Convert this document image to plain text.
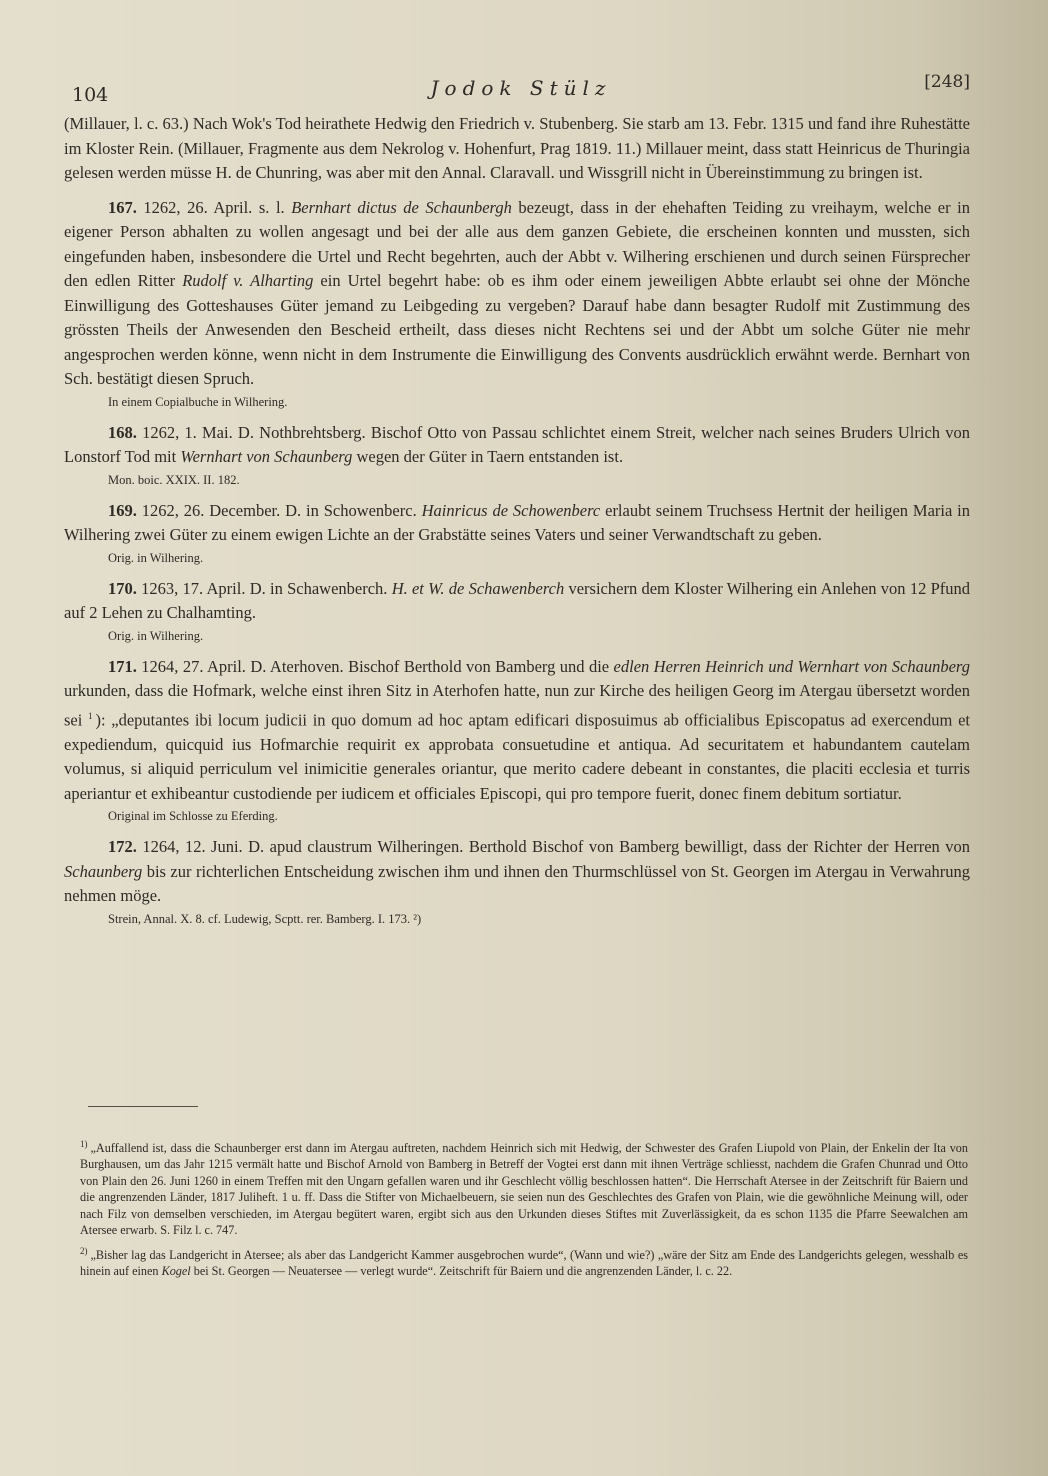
104	Jodok Stülz	[248]

(Millauer, l. c. 63.) Nach Wok's Tod heirathete Hedwig den Friedrich v. Stubenberg. Sie starb am 13. Febr. 1315 und fand ihre Ruhestätte im Kloster Rein. (Millauer, Fragmente aus dem Nekrolog v. Hohenfurt, Prag 1819. 11.) Millauer meint, dass statt Heinricus de Thuringia gelesen werden müsse H. de Chunring, was aber mit den Annal. Claravall. und Wissgrill nicht in Übereinstimmung zu bringen ist.

167. 1262, 26. April. s. l. Bernhart dictus de Schaunbergh bezeugt, dass in der ehehaften Teiding zu vreihaym, welche er in eigener Person abhalten zu wollen angesagt und bei der alle aus dem ganzen Gebiete, die erscheinen konnten und mussten, sich eingefunden haben, insbesondere die Urtel und Recht begehrten, auch der Abbt v. Wilhering erschienen und durch seinen Fürsprecher den edlen Ritter Rudolf v. Alharting ein Urtel begehrt habe: ob es ihm oder einem jeweiligen Abbte erlaubt sei ohne der Mönche Einwilligung des Gotteshauses Güter jemand zu Leibgeding zu vergeben? Darauf habe dann besagter Rudolf mit Zustimmung des grössten Theils der Anwesenden den Bescheid ertheilt, dass dieses nicht Rechtens sei und der Abbt um solche Güter nie mehr angesprochen werden könne, wenn nicht in dem Instrumente die Einwilligung des Convents ausdrücklich erwähnt werde. Bernhart von Sch. bestätigt diesen Spruch.

In einem Copialbuche in Wilhering.

168. 1262, 1. Mai. D. Nothbrehtsberg. Bischof Otto von Passau schlichtet einem Streit, welcher nach seines Bruders Ulrich von Lonstorf Tod mit Wernhart von Schaunberg wegen der Güter in Taern entstanden ist.

Mon. boic. XXIX. II. 182.

169. 1262, 26. December. D. in Schowenberc. Hainricus de Schowenberc erlaubt seinem Truchsess Hertnit der heiligen Maria in Wilhering zwei Güter zu einem ewigen Lichte an der Grabstätte seines Vaters und seiner Verwandtschaft zu geben.

Orig. in Wilhering.

170. 1263, 17. April. D. in Schawenberch. H. et W. de Schawenberch versichern dem Kloster Wilhering ein Anlehen von 12 Pfund auf 2 Lehen zu Chalhamting.

Orig. in Wilhering.

171. 1264, 27. April. D. Aterhoven. Bischof Berthold von Bamberg und die edlen Herren Heinrich und Wernhart von Schaunberg urkunden, dass die Hofmark, welche einst ihren Sitz in Aterhofen hatte, nun zur Kirche des heiligen Georg im Atergau übersetzt worden sei $^1$ ): „deputantes ibi locum judicii in quo domum ad hoc aptam edificari disposuimus ab officialibus Episcopatus ad exercendum et expediendum, quicquid ius Hofmarchie requirit ex approbata consuetudine et antiqua. Ad securitatem et habundantem cautelam volumus, si aliquid perriculum vel inimicitie generales oriantur, que merito cadere debeant in constantes, die placiti ecclesia et turris aperiantur et exhibeantur custodiende per iudicem et officiales Episcopi, qui pro tempore fuerit, donec finem debitum sortiatur.

Original im Schlosse zu Eferding.

172. 1264, 12. Juni. D. apud claustrum Wilheringen. Berthold Bischof von Bamberg bewilligt, dass der Richter der Herren von Schaunberg bis zur richterlichen Entscheidung zwischen ihm und ihnen den Thurmschlüssel von St. Georgen im Atergau in Verwahrung nehmen möge.

Strein, Annal. X. 8. cf. Ludewig, Scptt. rer. Bamberg. I. 173. ²)

$^{1)}$ „Auffallend ist, dass die Schaunberger erst dann im Atergau auftreten, nachdem Heinrich sich mit Hedwig, der Schwester des Grafen Liupold von Plain, der Enkelin der Ita von Burghausen, um das Jahr 1215 vermält hatte und Bischof Arnold von Bamberg in Betreff der Vogtei erst dann mit ihnen Verträge schliesst, nachdem die Grafen Chunrad und Otto von Plain den 26. Juni 1260 in einem Treffen mit den Ungarn gefallen waren und ihr Geschlecht völlig beschlossen hatten“. Die Herrschaft Atersee in der Zeitschrift für Baiern und die angrenzenden Länder, 1817 Juliheft. 1 u. ff. Dass die Stifter von Michaelbeuern, sie seien nun des Geschlechtes des Grafen von Plain, wie die gewöhnliche Meinung will, oder nach Filz von demselben verschieden, im Atergau begütert waren, ergibt sich aus den Urkunden dieses Stiftes mit Zuverlässigkeit, da es schon 1135 die Pfarre Seewalchen am Atersee erwarb. S. Filz l. c. 747.

$^{2)}$ „Bisher lag das Landgericht in Atersee; als aber das Landgericht Kammer ausgebrochen wurde“, (Wann und wie?) „wäre der Sitz am Ende des Landgerichts gelegen, wesshalb es hinein auf einen Kogel bei St. Georgen — Neuatersee — verlegt wurde“. Zeitschrift für Baiern und die angrenzenden Länder, l. c. 22.
